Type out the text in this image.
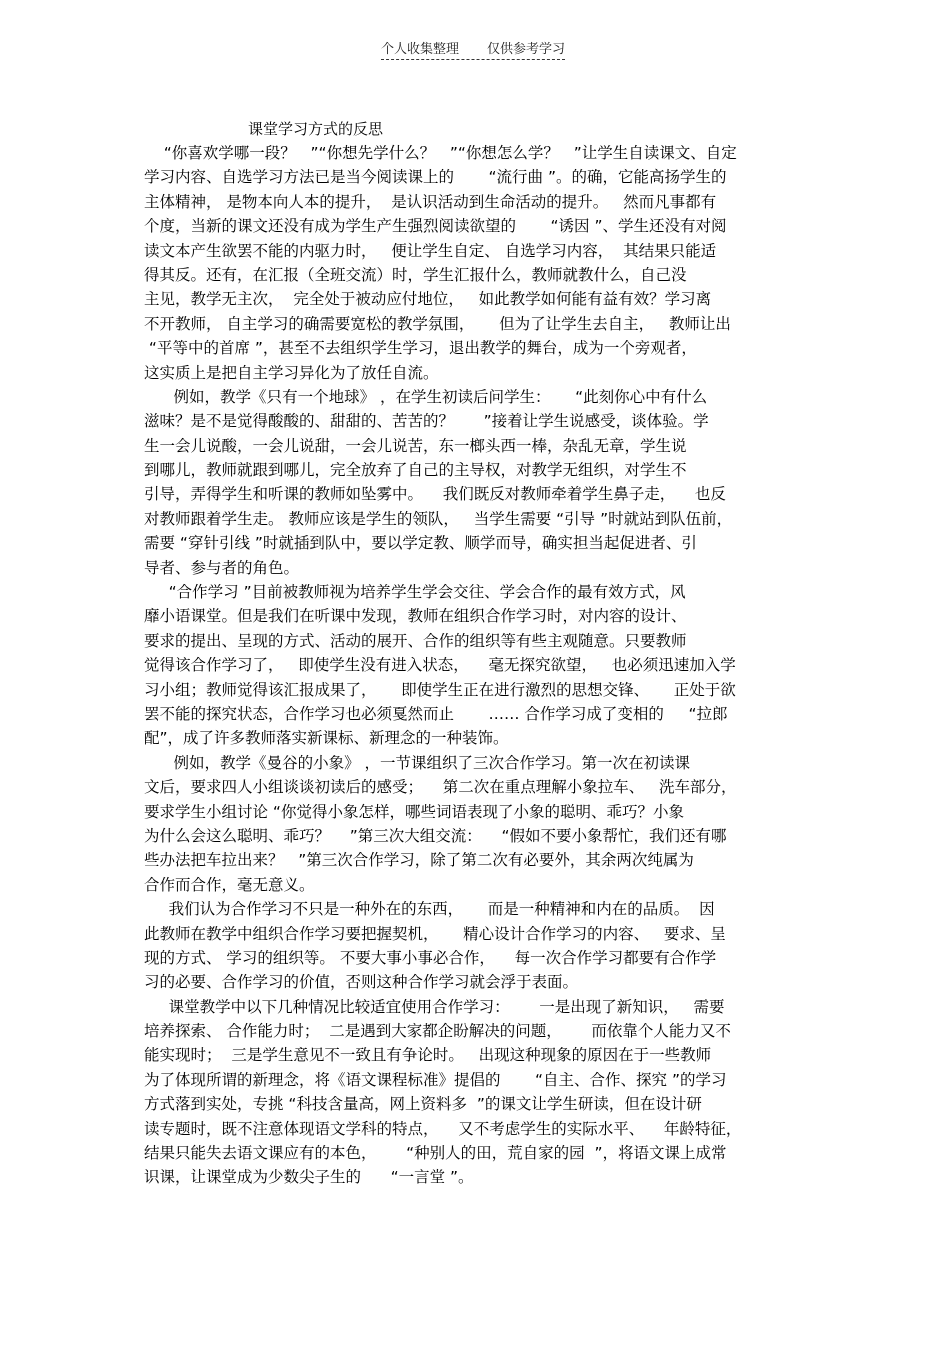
个人收集整理 仅供参考学习
课堂学习方式的反思
“你喜欢学哪一段？   ”“你想先学什么？   ”“你想怎么学？   ”让学生自读课文、自定
学习内容、自选学习方法已是当今阅读课上的       “流行曲 ”。的确，它能高扬学生的
主体精神， 是物本向人本的提升，  是认识活动到生命活动的提升。   然而凡事都有
个度，当新的课文还没有成为学生产生强烈阅读欲望的       “诱因 ”、学生还没有对阅
读文本产生欲罢不能的内驱力时，   便让学生自定、 自选学习内容，  其结果只能适
得其反。还有，在汇报（全班交流）时，学生汇报什么，教师就教什么，自己没
主见，教学无主次，  完全处于被动应付地位，   如此教学如何能有益有效？学习离
不开教师， 自主学习的确需要宽松的教学氛围，     但为了让学生去自主，   教师让出
“平等中的首席 ”，甚至不去组织学生学习，退出教学的舞台，成为一个旁观者，
这实质上是把自主学习异化为了放任自流。
例如，教学《只有一个地球》 ，在学生初读后问学生：     “此刻你心中有什么
滋味？是不是觉得酸酸的、甜甜的、苦苦的？      ”接着让学生说感受，谈体验。学
生一会儿说酸，一会儿说甜，一会儿说苦，东一榔头西一棒，杂乱无章，学生说
到哪儿，教师就跟到哪儿，完全放弃了自己的主导权，对教学无组织，对学生不
引导，弄得学生和听课的教师如坠雾中。    我们既反对教师牵着学生鼻子走，    也反
对教师跟着学生走。 教师应该是学生的领队，   当学生需要 “引导 ”时就站到队伍前，
需要 “穿针引线 ”时就插到队中，要以学定教、顺学而导，确实担当起促进者、引
导者、参与者的角色。
“合作学习 ”目前被教师视为培养学生学会交往、学会合作的最有效方式，风
靡小语课堂。但是我们在听课中发现，教师在组织合作学习时，对内容的设计、
要求的提出、呈现的方式、活动的展开、合作的组织等有些主观随意。只要教师
觉得该合作学习了，   即使学生没有进入状态，    毫无探究欲望，   也必须迅速加入学
习小组；教师觉得该汇报成果了，     即使学生正在进行激烈的思想交锋、     正处于欲
罢不能的探究状态，合作学习也必须戛然而止       …… 合作学习成了变相的     “拉郎
配”，成了许多教师落实新课标、新理念的一种装饰。
例如，教学《曼谷的小象》 ，一节课组织了三次合作学习。第一次在初读课
文后，要求四人小组谈谈初读后的感受；    第二次在重点理解小象拉车、   洗车部分，
要求学生小组讨论 “你觉得小象怎样，哪些词语表现了小象的聪明、乖巧？小象
为什么会这么聪明、乖巧？    ”第三次大组交流：    “假如不要小象帮忙，我们还有哪
些办法把车拉出来？   ”第三次合作学习，除了第二次有必要外，其余两次纯属为
合作而合作，毫无意义。
我们认为合作学习不只是一种外在的东西，     而是一种精神和内在的品质。  因
此教师在教学中组织合作学习要把握契机，     精心设计合作学习的内容、   要求、呈
现的方式、 学习的组织等。 不要大事小事必合作，    每一次合作学习都要有合作学
习的必要、合作学习的价值，否则这种合作学习就会浮于表面。
课堂教学中以下几种情况比较适宜使用合作学习：      一是出现了新知识，   需要
培养探索、 合作能力时；  二是遇到大家都企盼解决的问题，      而依靠个人能力又不
能实现时；  三是学生意见不一致且有争论时。   出现这种现象的原因在于一些教师
为了体现所谓的新理念，将《语文课程标准》提倡的       “自主、合作、探究 ”的学习
方式落到实处，专挑 “科技含量高，网上资料多  ”的课文让学生研读，但在设计研
读专题时，既不注意体现语文学科的特点，    又不考虑学生的实际水平、    年龄特征，
结果只能失去语文课应有的本色，      “种别人的田，荒自家的园  ”，将语文课上成常
识课，让课堂成为少数尖子生的      “一言堂 ”。
